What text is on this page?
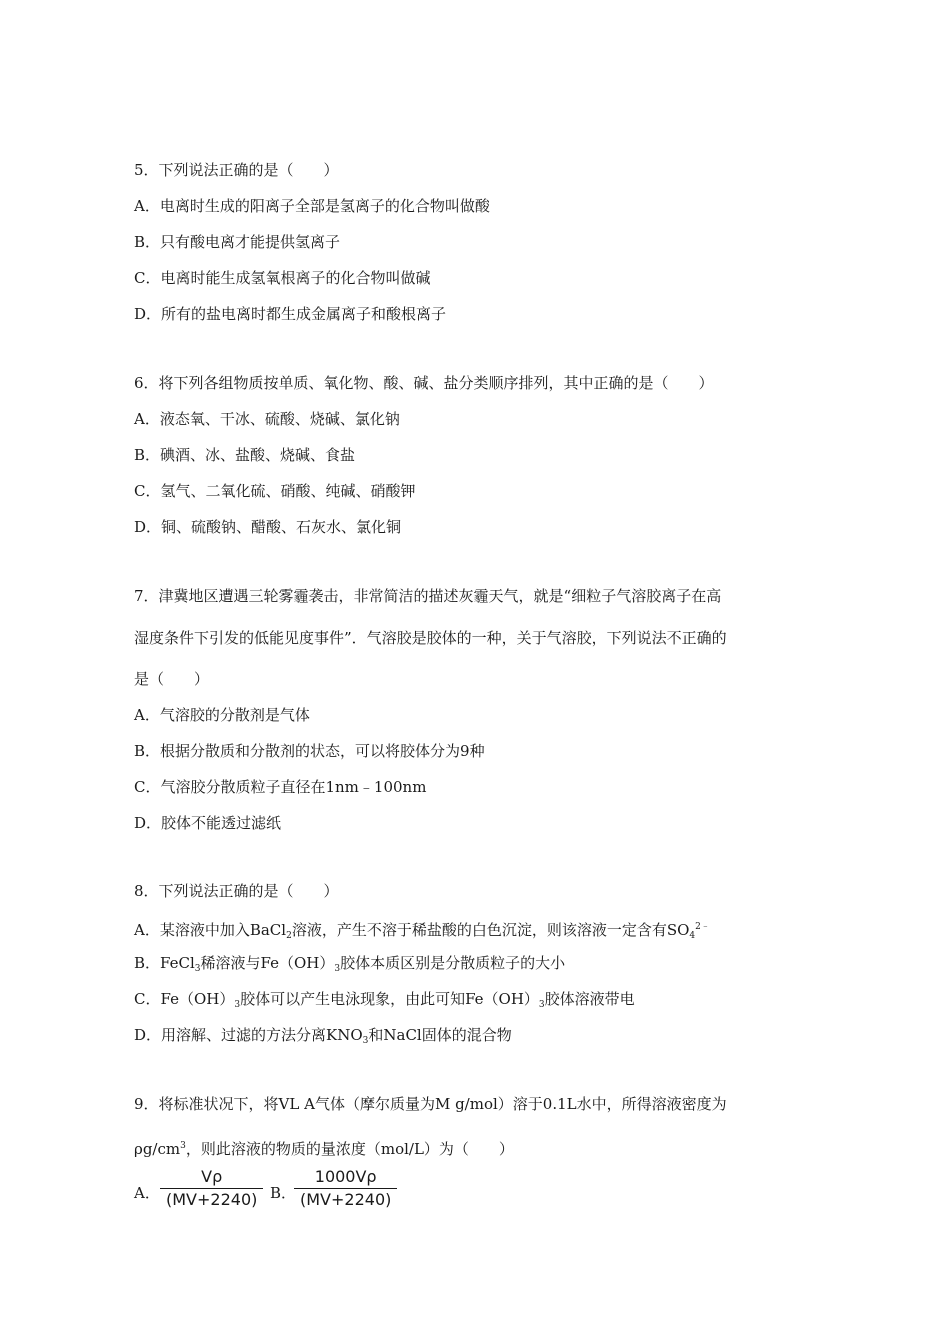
5．下列说法正确的是（　　）
A．电离时生成的阳离子全部是氢离子的化合物叫做酸
B．只有酸电离才能提供氢离子
C．电离时能生成氢氧根离子的化合物叫做碱
D．所有的盐电离时都生成金属离子和酸根离子
6．将下列各组物质按单质、氧化物、酸、碱、盐分类顺序排列，其中正确的是（　　）
A．液态氧、干冰、硫酸、烧碱、氯化钠
B．碘酒、冰、盐酸、烧碱、食盐
C．氢气、二氧化硫、硝酸、纯碱、硝酸钾
D．铜、硫酸钠、醋酸、石灰水、氯化铜
7．津冀地区遭遇三轮雾霾袭击，非常简洁的描述灰霾天气，就是“细粒子气溶胶离子在高
湿度条件下引发的低能见度事件”．气溶胶是胶体的一种，关于气溶胶，下列说法不正确的
是（　　）
A．气溶胶的分散剂是气体
B．根据分散质和分散剂的状态，可以将胶体分为9种
C．气溶胶分散质粒子直径在1nm﹣100nm
D．胶体不能透过滤纸
8．下列说法正确的是（　　）
A．某溶液中加入BaCl$_2$溶液，产生不溶于稀盐酸的白色沉淀，则该溶液一定含有$SO_4^{2﹣}$
B．FeCl$_3$稀溶液与$Fe(OH)_3$胶体本质区别是分散质粒子的大小
C．$Fe(OH)_3$胶体可以产生电泳现象，由此可知$Fe(OH)_3$胶体溶液带电
D．用溶解、过滤的方法分离$KNO_3$和NaCl固体的混合物
9．将标准状况下，将VL A气体（摩尔质量为M g/mol）溶于0.1L水中，所得溶液密度为
$\rho g/cm^3$，则此溶液的物质的量浓度（mol/L）为（　　）
A． $\frac{V\rho}{(MV+2240)}$ B．
$\frac{1000V\rho}{(MV+2240)}$
